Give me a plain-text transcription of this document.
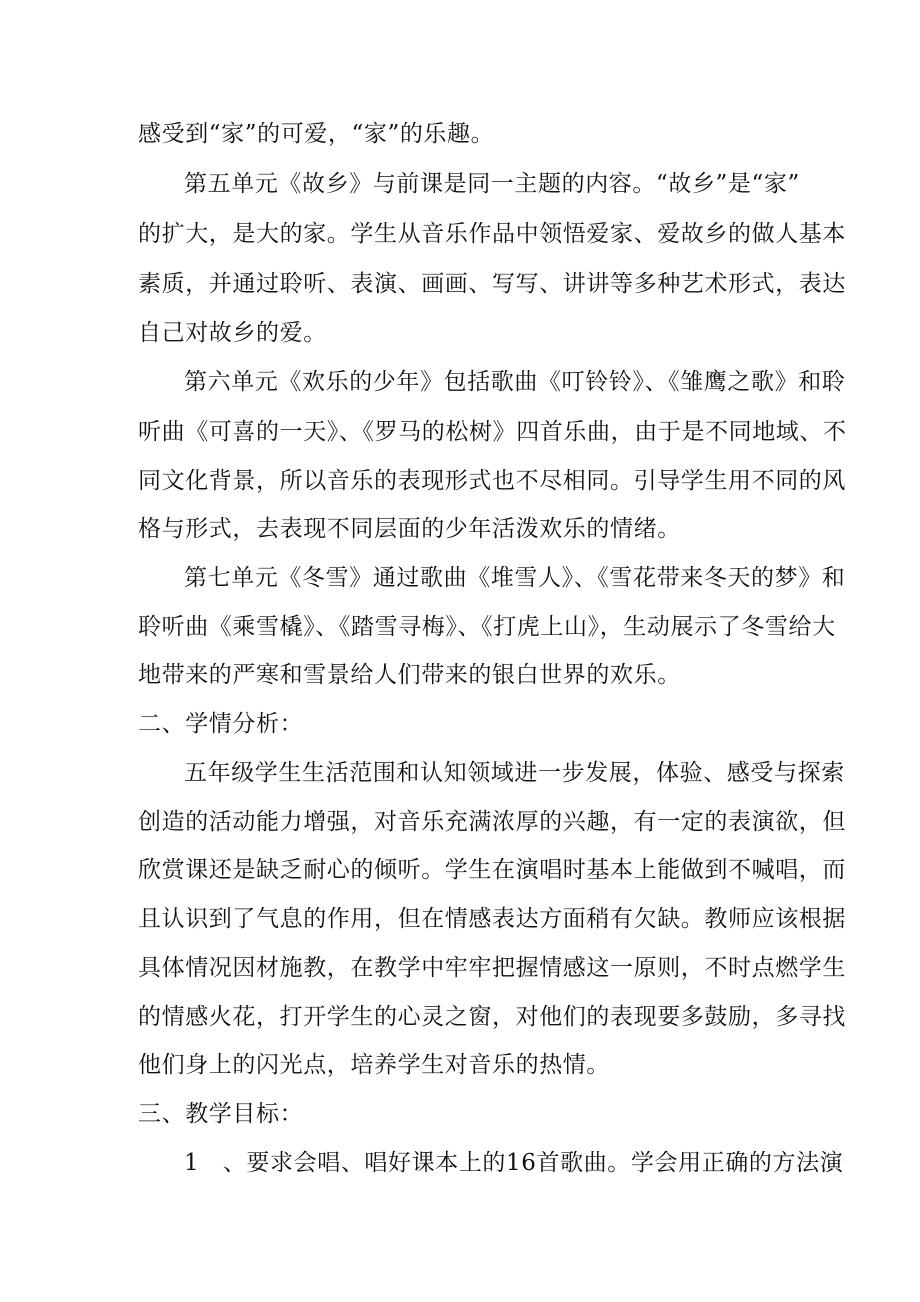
感受到“家”的可爱，“家”的乐趣。
第五单元《故乡》与前课是同一主题的内容。“故乡”是“家”
的扩大，是大的家。学生从音乐作品中领悟爱家、爱故乡的做人基本
素质，并通过聆听、表演、画画、写写、讲讲等多种艺术形式，表达
自己对故乡的爱。
第六单元《欢乐的少年》包括歌曲《叮铃铃》、《雏鹰之歌》和聆
听曲《可喜的一天》、《罗马的松树》四首乐曲，由于是不同地域、不
同文化背景，所以音乐的表现形式也不尽相同。引导学生用不同的风
格与形式，去表现不同层面的少年活泼欢乐的情绪。
第七单元《冬雪》通过歌曲《堆雪人》、《雪花带来冬天的梦》和
聆听曲《乘雪橇》、《踏雪寻梅》、《打虎上山》，生动展示了冬雪给大
地带来的严寒和雪景给人们带来的银白世界的欢乐。
二、学情分析：
五年级学生生活范围和认知领域进一步发展，体验、感受与探索
创造的活动能力增强，对音乐充满浓厚的兴趣，有一定的表演欲，但
欣赏课还是缺乏耐心的倾听。学生在演唱时基本上能做到不喊唱，而
且认识到了气息的作用，但在情感表达方面稍有欠缺。教师应该根据
具体情况因材施教，在教学中牢牢把握情感这一原则，不时点燃学生
的情感火花，打开学生的心灵之窗，对他们的表现要多鼓励，多寻找
他们身上的闪光点，培养学生对音乐的热情。
三、教学目标：
1　、要求会唱、唱好课本上的16首歌曲。学会用正确的方法演
